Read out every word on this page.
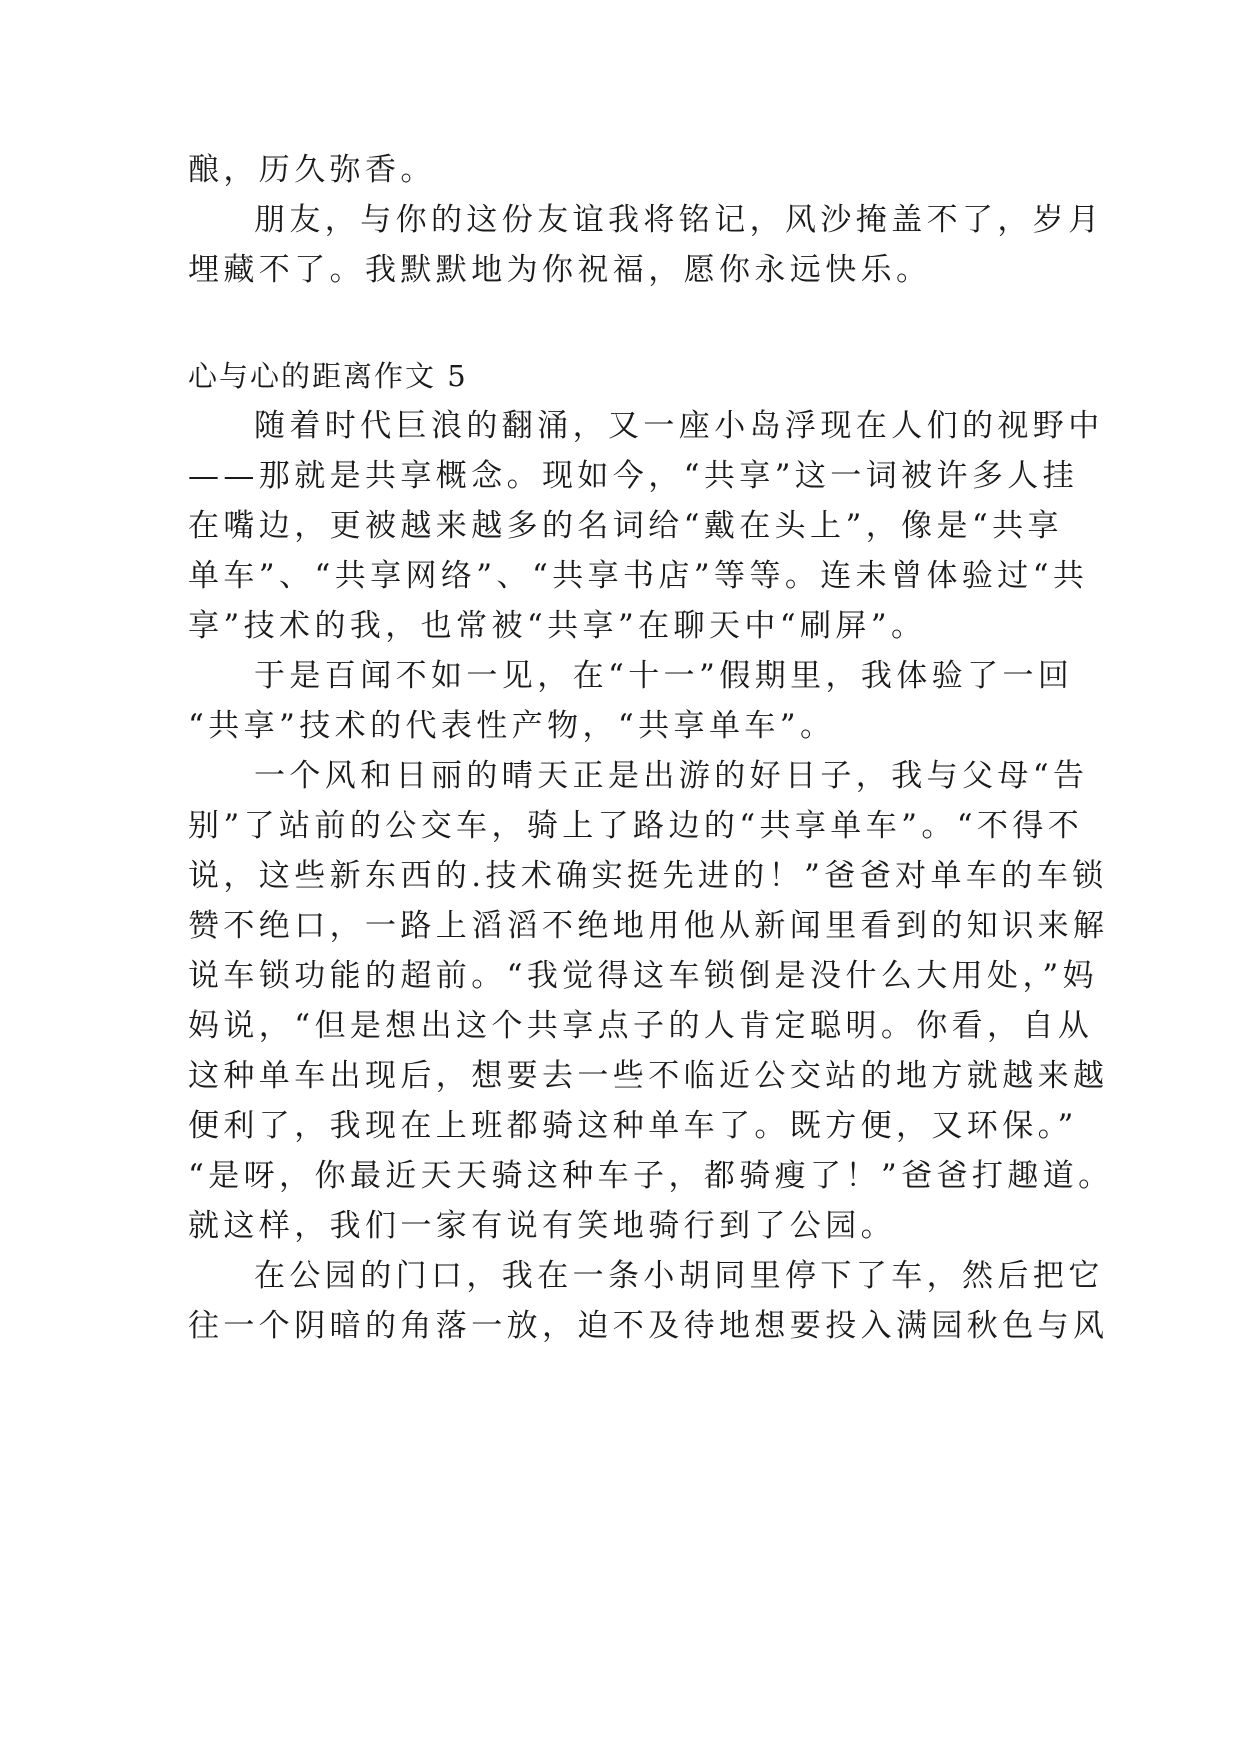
酿，历久弥香。
朋友，与你的这份友谊我将铭记，风沙掩盖不了，岁月
埋藏不了。我默默地为你祝福，愿你永远快乐。
心与心的距离作文 5
随着时代巨浪的翻涌，又一座小岛浮现在人们的视野中
——那就是共享概念。现如今，“共享”这一词被许多人挂
在嘴边，更被越来越多的名词给“戴在头上”，像是“共享
单车”、“共享网络”、“共享书店”等等。连未曾体验过“共
享”技术的我，也常被“共享”在聊天中“刷屏”。
于是百闻不如一见，在“十一”假期里，我体验了一回
“共享”技术的代表性产物，“共享单车”。
一个风和日丽的晴天正是出游的好日子，我与父母“告
别”了站前的公交车，骑上了路边的“共享单车”。“不得不
说，这些新东西的.技术确实挺先进的！”爸爸对单车的车锁
赞不绝口，一路上滔滔不绝地用他从新闻里看到的知识来解
说车锁功能的超前。“我觉得这车锁倒是没什么大用处，”妈
妈说，“但是想出这个共享点子的人肯定聪明。你看，自从
这种单车出现后，想要去一些不临近公交站的地方就越来越
便利了，我现在上班都骑这种单车了。既方便，又环保。”
“是呀，你最近天天骑这种车子，都骑瘦了！”爸爸打趣道。
就这样，我们一家有说有笑地骑行到了公园。
在公园的门口，我在一条小胡同里停下了车，然后把它
往一个阴暗的角落一放，迫不及待地想要投入满园秋色与风
